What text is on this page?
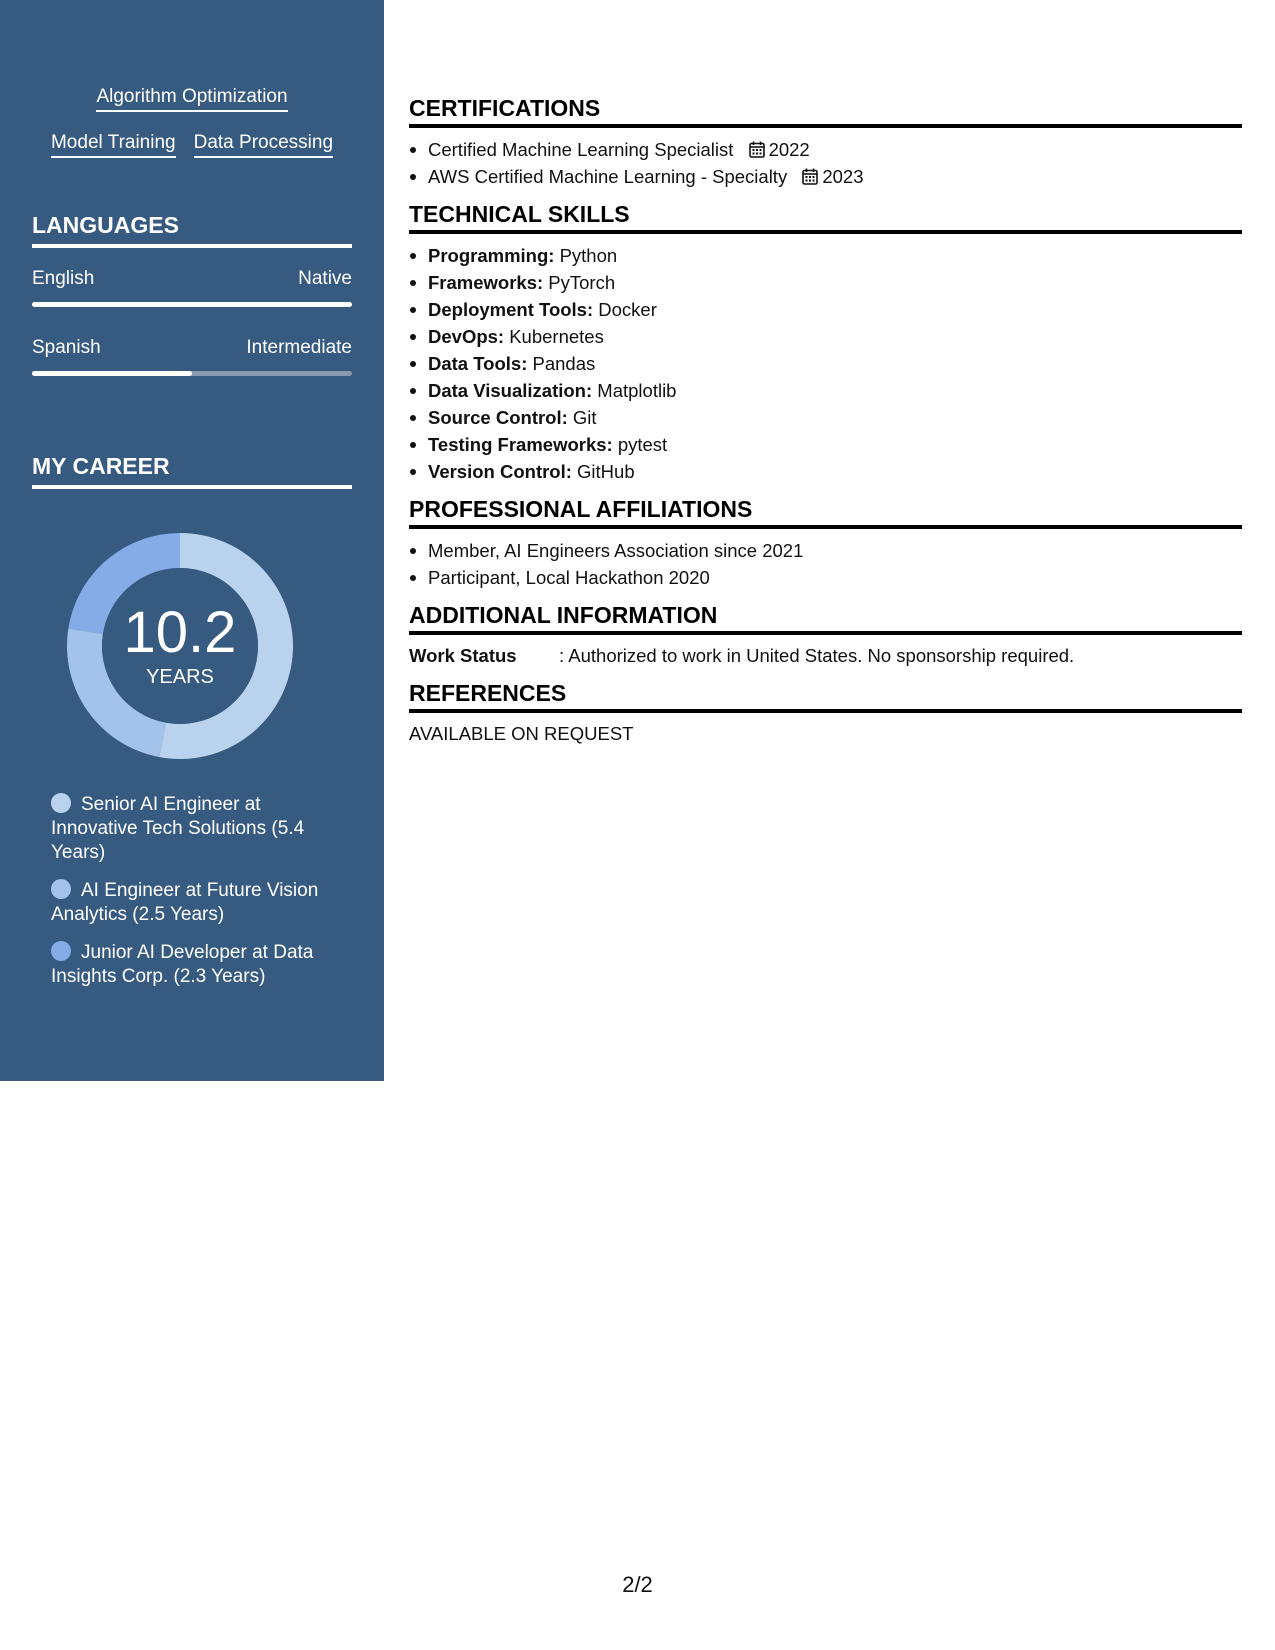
Algorithm Optimization
Model Training Data Processing
LANGUAGES
English	Native
Spanish	Intermediate
MY CAREER
10.2
YEARS
Senior AI Engineer at Innovative Tech Solutions (5.4 Years)
AI Engineer at Future Vision Analytics (2.5 Years)
Junior AI Developer at Data Insights Corp. (2.3 Years)
CERTIFICATIONS
Certified Machine Learning Specialist 2022
AWS Certified Machine Learning - Specialty 2023
TECHNICAL SKILLS
Programming: Python
Frameworks: PyTorch
Deployment Tools: Docker
DevOps: Kubernetes
Data Tools: Pandas
Data Visualization: Matplotlib
Source Control: Git
Testing Frameworks: pytest
Version Control: GitHub
PROFESSIONAL AFFILIATIONS
Member, AI Engineers Association since 2021
Participant, Local Hackathon 2020
ADDITIONAL INFORMATION
Work Status	: Authorized to work in United States. No sponsorship required.
REFERENCES
AVAILABLE ON REQUEST
2/2
